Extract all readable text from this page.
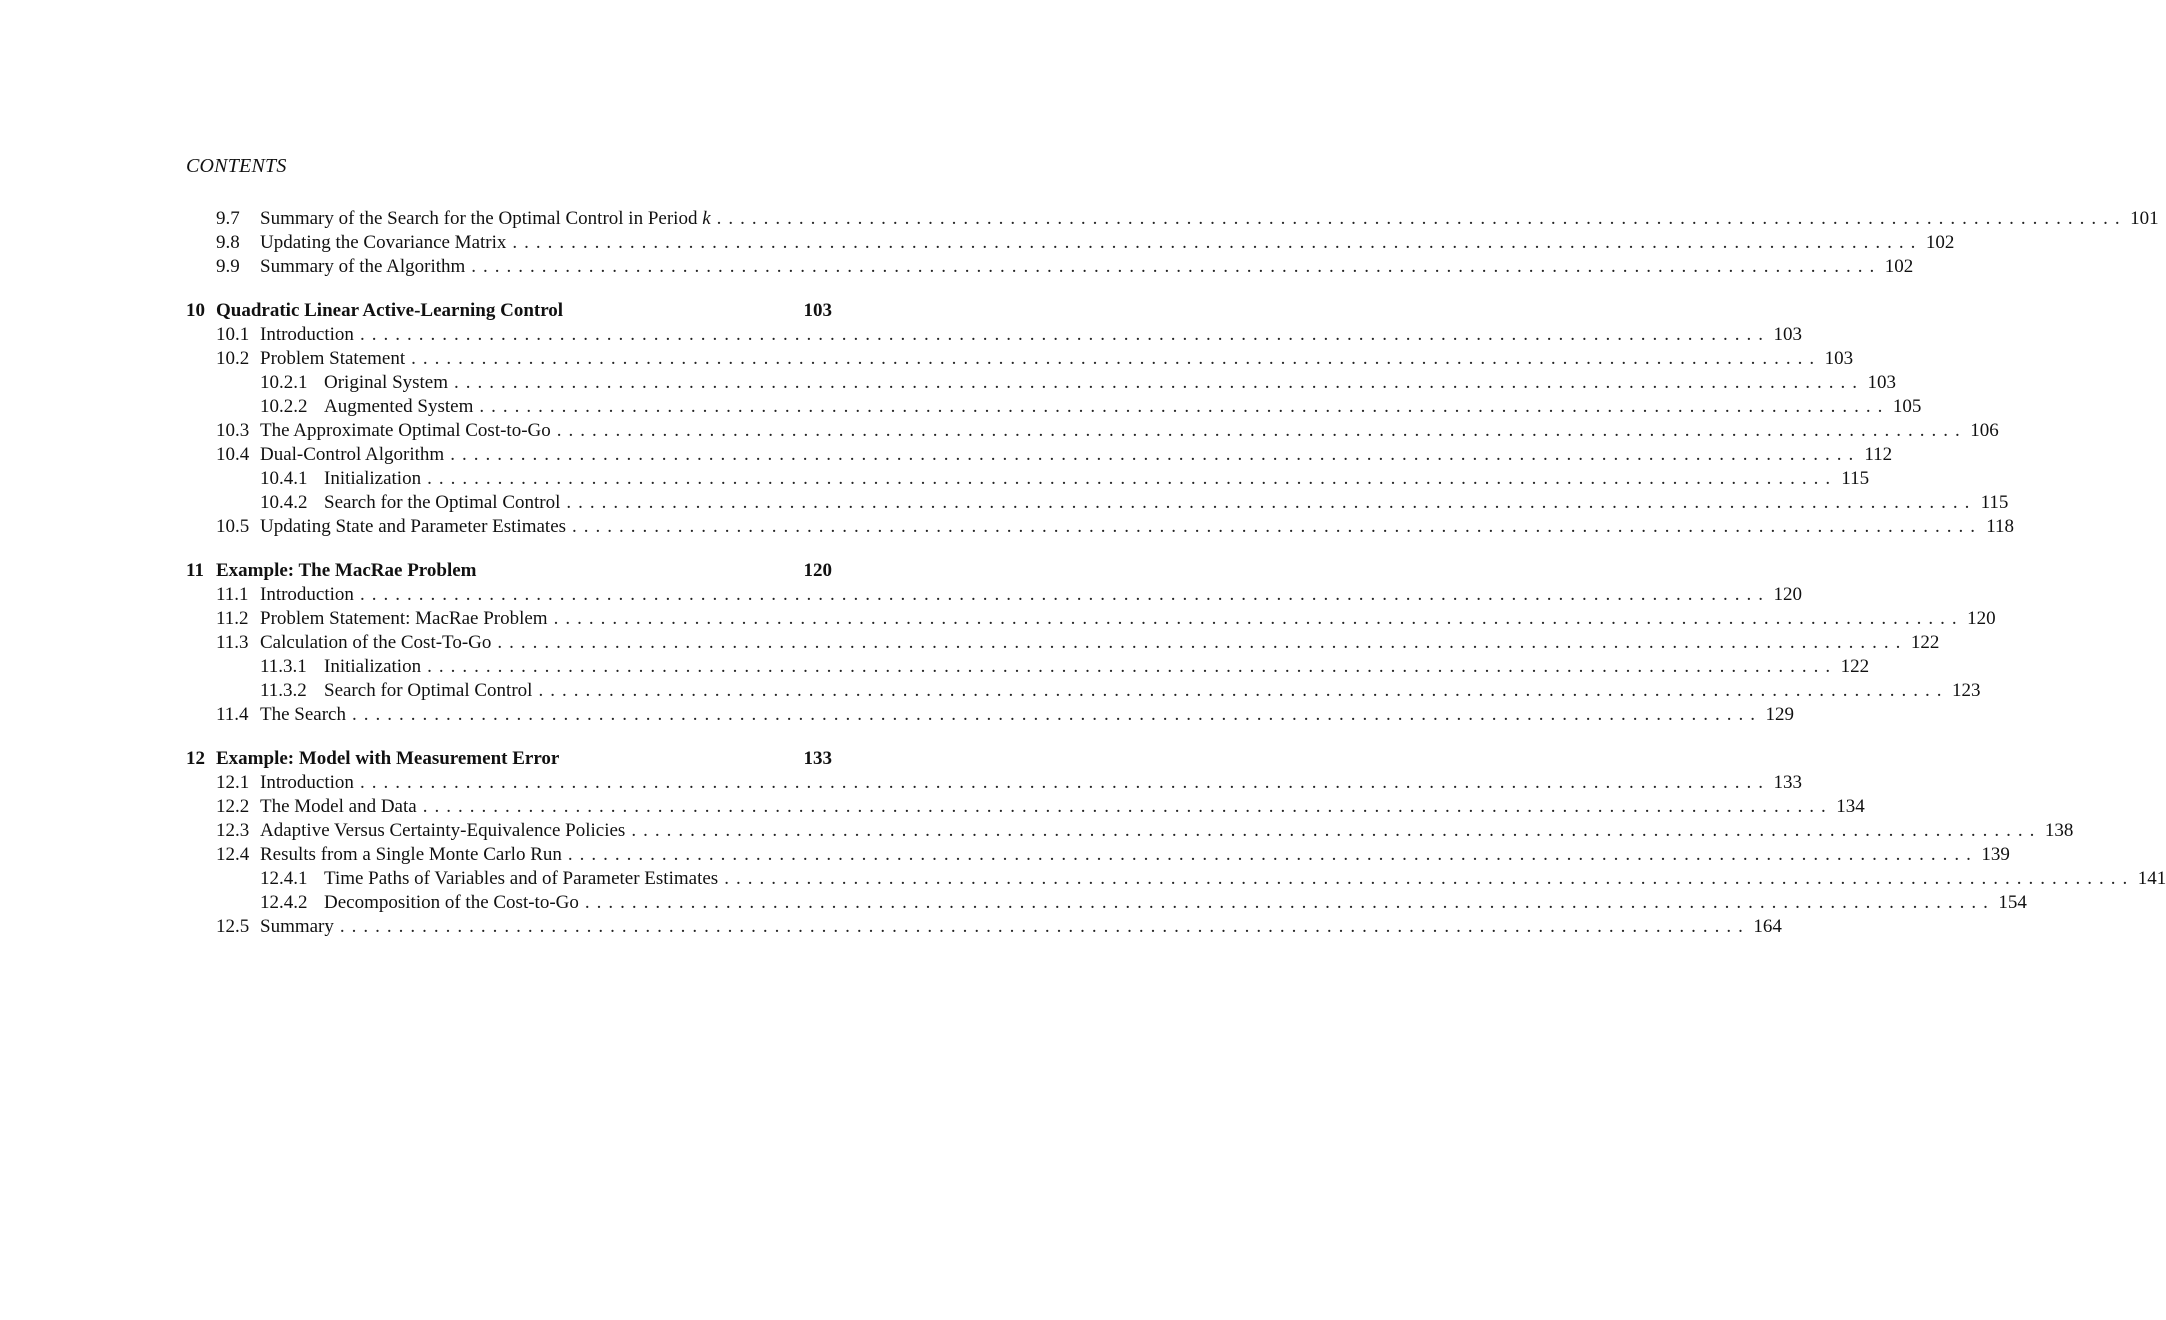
CONTENTS
9.7	Summary of the Search for the Optimal Control in Period k ........................................................................................................................ 101
9.8	Updating the Covariance Matrix ........................................................................................................................ 102
9.9	Summary of the Algorithm ........................................................................................................................ 102
10 Quadratic Linear Active-Learning Control	103
10.1 Introduction ........................................................................................................................ 103
10.2 Problem Statement ........................................................................................................................ 103
10.2.1 Original System ........................................................................................................................ 103
10.2.2 Augmented System ........................................................................................................................ 105
10.3 The Approximate Optimal Cost-to-Go ........................................................................................................................ 106
10.4 Dual-Control Algorithm ........................................................................................................................ 112
10.4.1 Initialization ........................................................................................................................ 115
10.4.2 Search for the Optimal Control ........................................................................................................................ 115
10.5 Updating State and Parameter Estimates ........................................................................................................................ 118
11 Example: The MacRae Problem	120
11.1 Introduction ........................................................................................................................ 120
11.2 Problem Statement: MacRae Problem ........................................................................................................................ 120
11.3 Calculation of the Cost-To-Go ........................................................................................................................ 122
11.3.1 Initialization ........................................................................................................................ 122
11.3.2 Search for Optimal Control ........................................................................................................................ 123
11.4 The Search ........................................................................................................................ 129
12 Example: Model with Measurement Error	133
12.1 Introduction ........................................................................................................................ 133
12.2 The Model and Data ........................................................................................................................ 134
12.3 Adaptive Versus Certainty-Equivalence Policies ........................................................................................................................ 138
12.4 Results from a Single Monte Carlo Run ........................................................................................................................ 139
12.4.1 Time Paths of Variables and of Parameter Estimates ........................................................................................................................ 141
12.4.2 Decomposition of the Cost-to-Go ........................................................................................................................ 154
12.5 Summary ........................................................................................................................ 164
